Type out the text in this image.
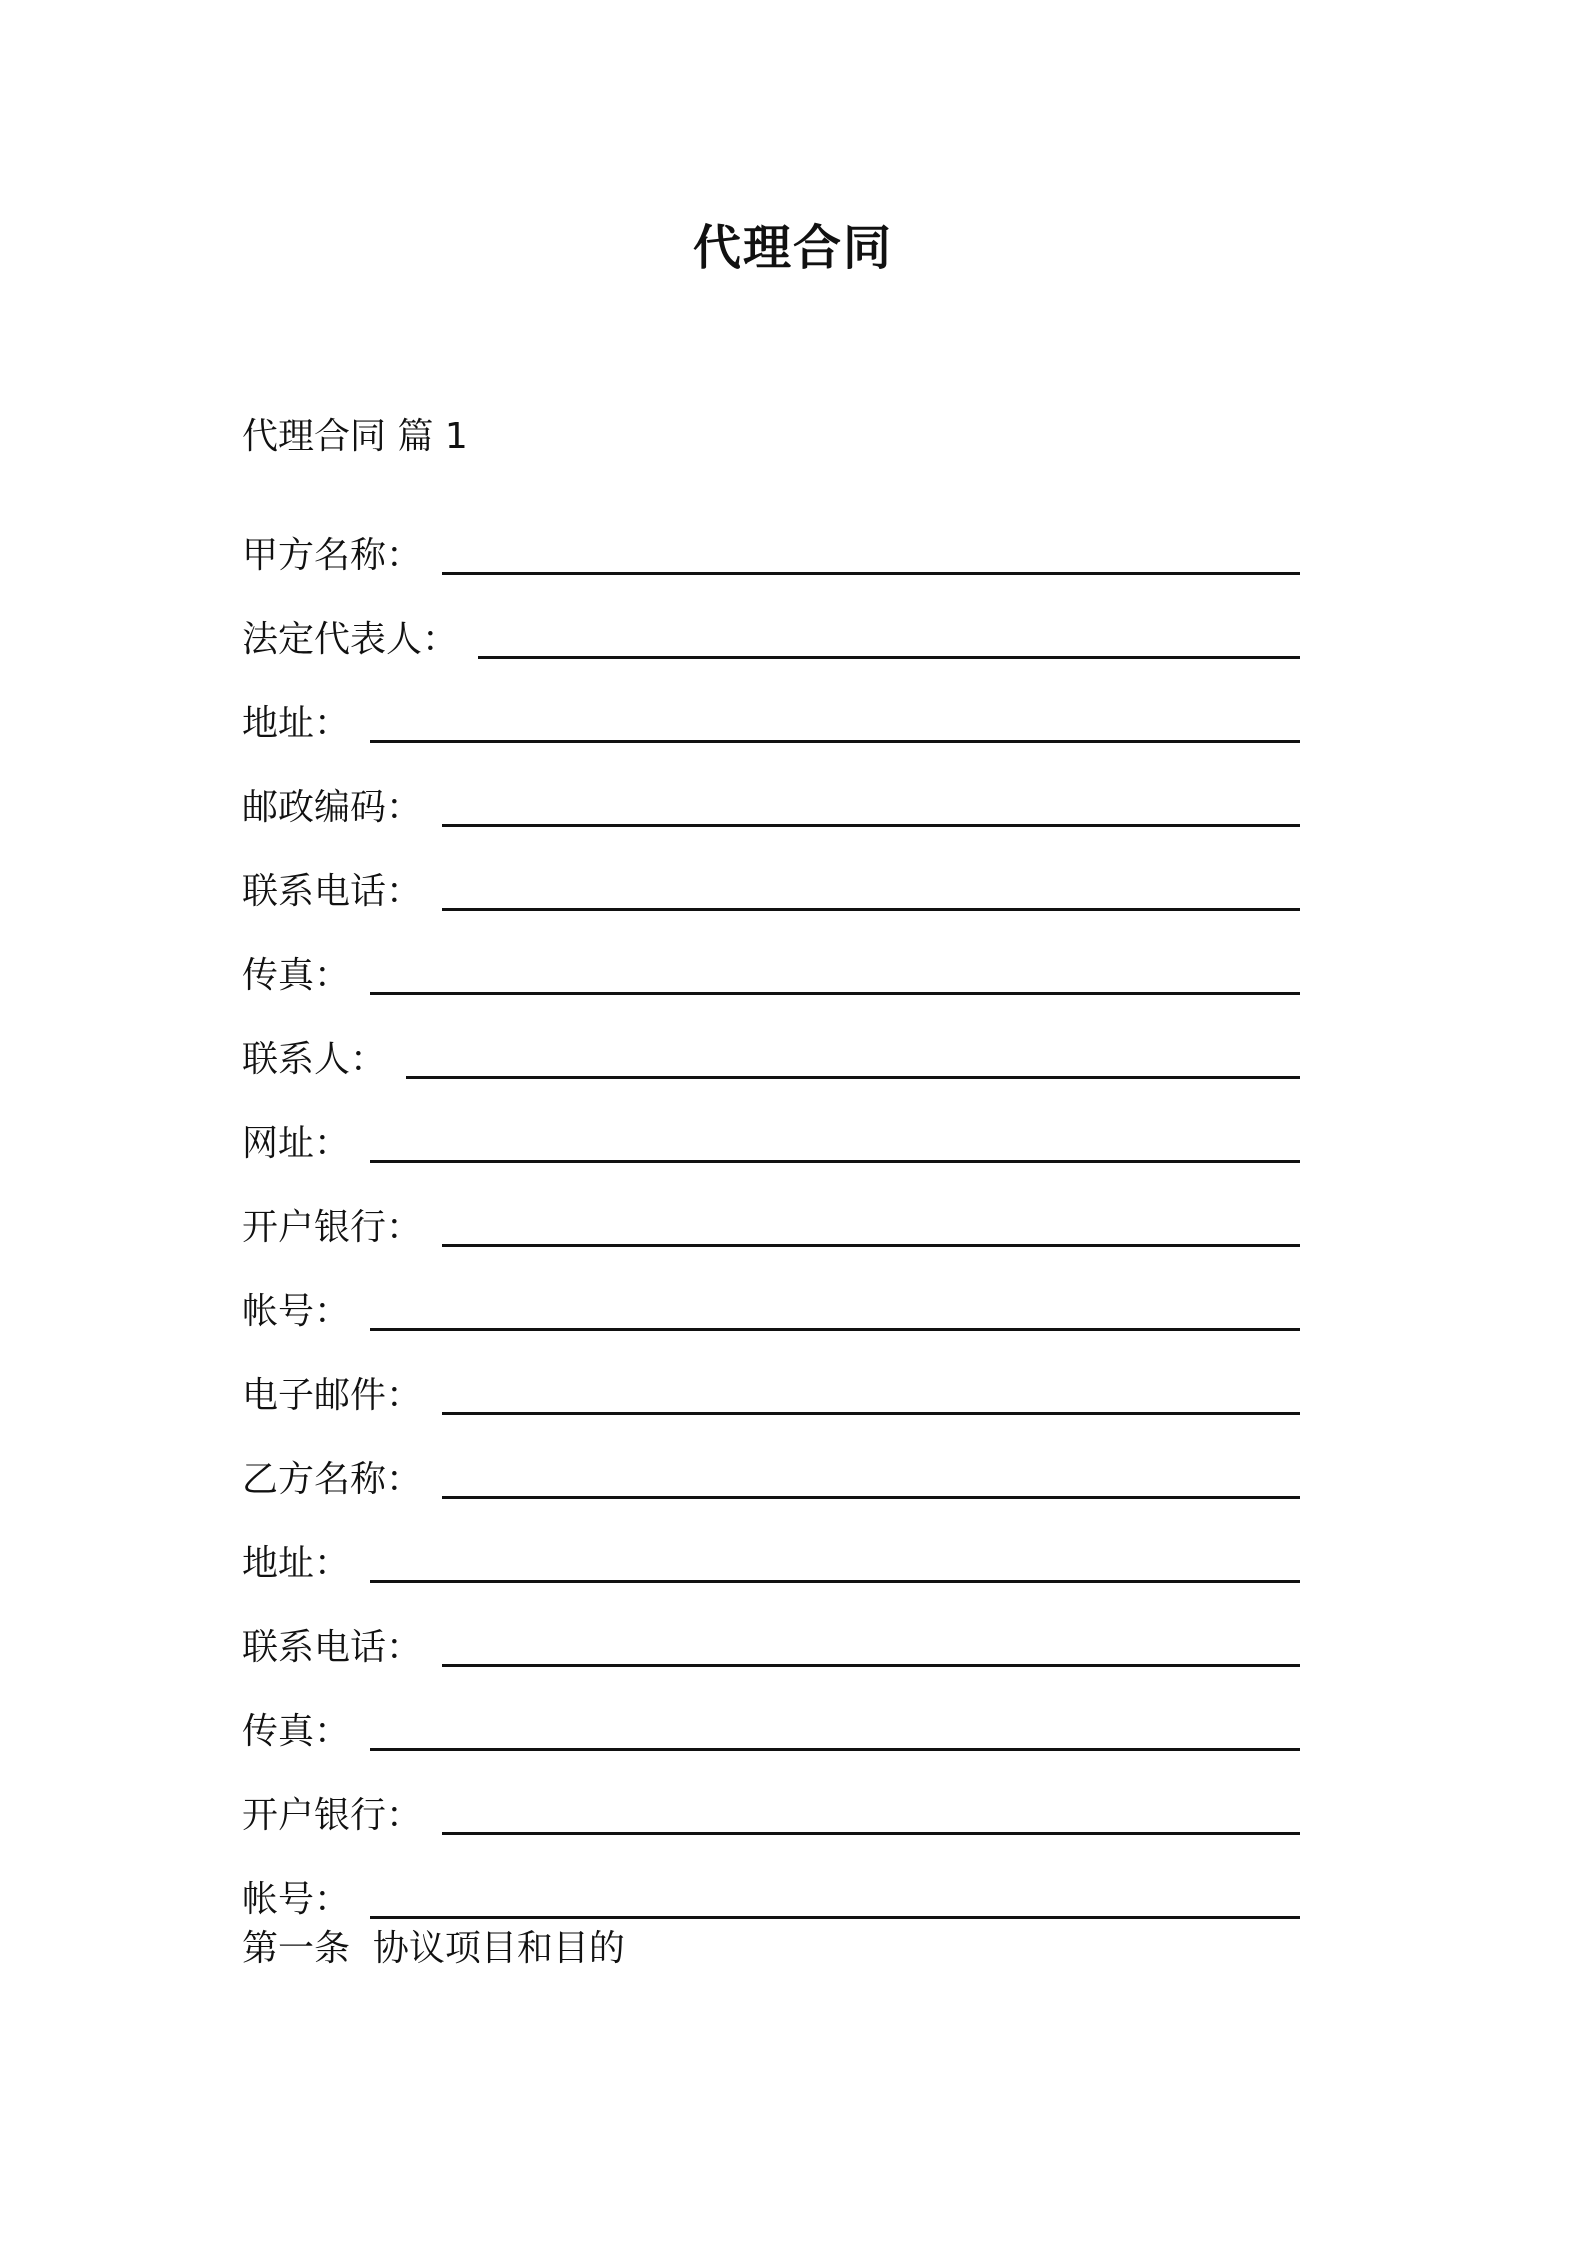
代理合同
代理合同 篇 1
甲方名称：
法定代表人：
地址：
邮政编码：
联系电话：
传真：
联系人：
网址：
开户银行：
帐号：
电子邮件：
乙方名称：
地址：
联系电话：
传真：
开户银行：
帐号：
第一条  协议项目和目的
